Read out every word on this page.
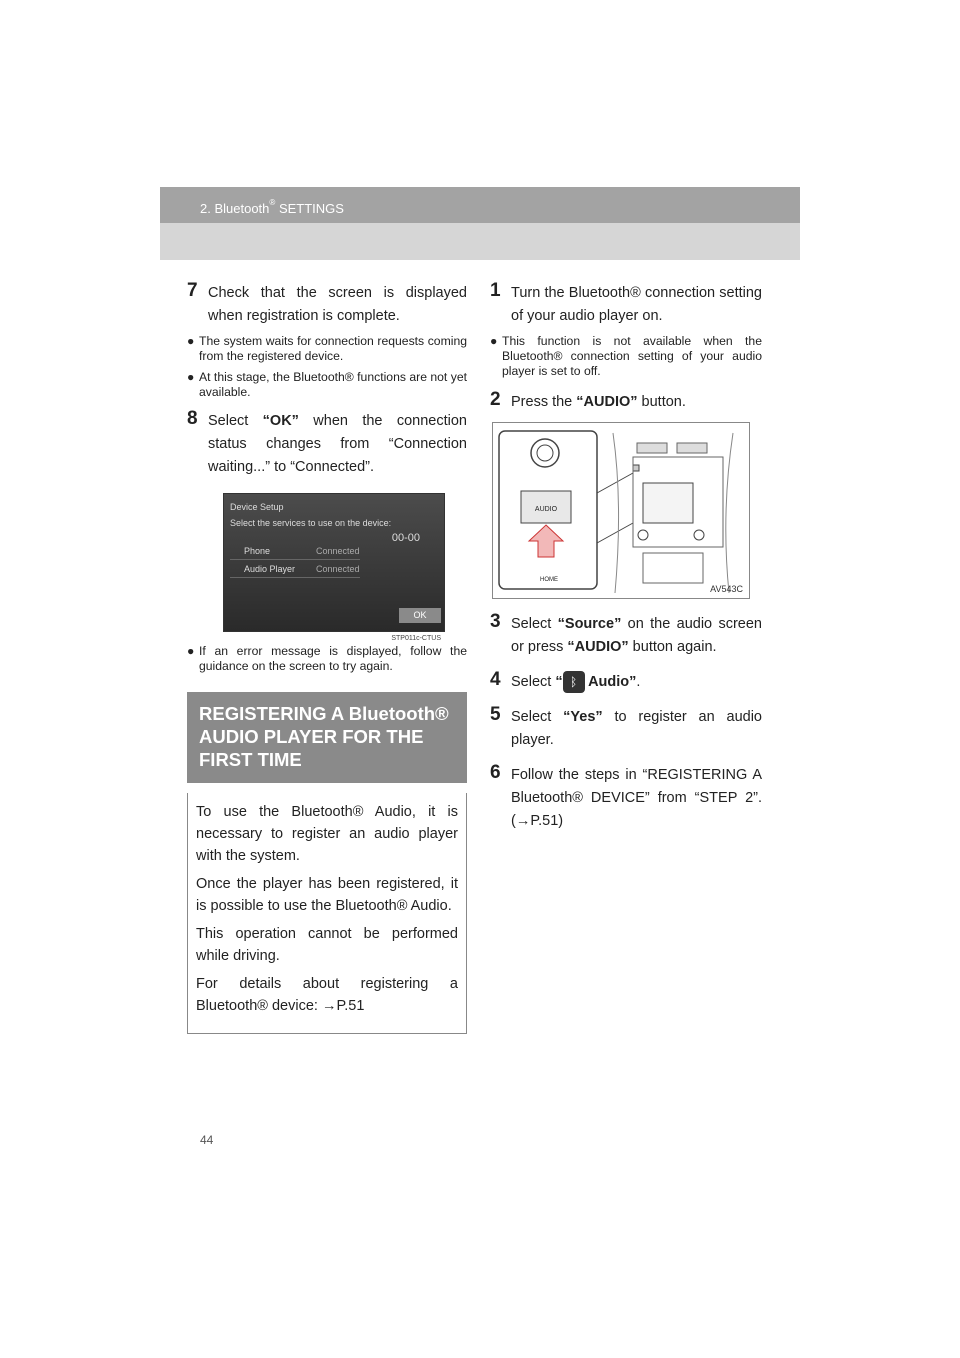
2. Bluetooth® SETTINGS
7 Check that the screen is displayed when registration is complete.
● The system waits for connection requests coming from the registered device.
● At this stage, the Bluetooth® functions are not yet available.
8 Select “OK” when the connection status changes from “Connection waiting...” to “Connected”.
Device Setup
Select the services to use on the device:
00-00
Phone	Connected
Audio Player Connected
OK
STP011c-CTUS
● If an error message is displayed, follow the guidance on the screen to try again.
REGISTERING A Bluetooth® AUDIO PLAYER FOR THE FIRST TIME

To use the Bluetooth® Audio, it is necessary to register an audio player with the system.

Once the player has been registered, it is possible to use the Bluetooth® Audio.

This operation cannot be performed while driving.

For details about registering a Bluetooth® device: →P.51

1 Turn the Bluetooth® connection setting of your audio player on.
● This function is not available when the Bluetooth® connection setting of your audio player is set to off.
2 Press the “AUDIO” button.
AUDIO
HOME
AV543C
3 Select “Source” on the audio screen or press “AUDIO” button again.
4 Select “ ᛒ Audio”.
5 Select “Yes” to register an audio player.
6 Follow the steps in “REGISTERING A Bluetooth® DEVICE” from “STEP 2”. (→P.51)
44
